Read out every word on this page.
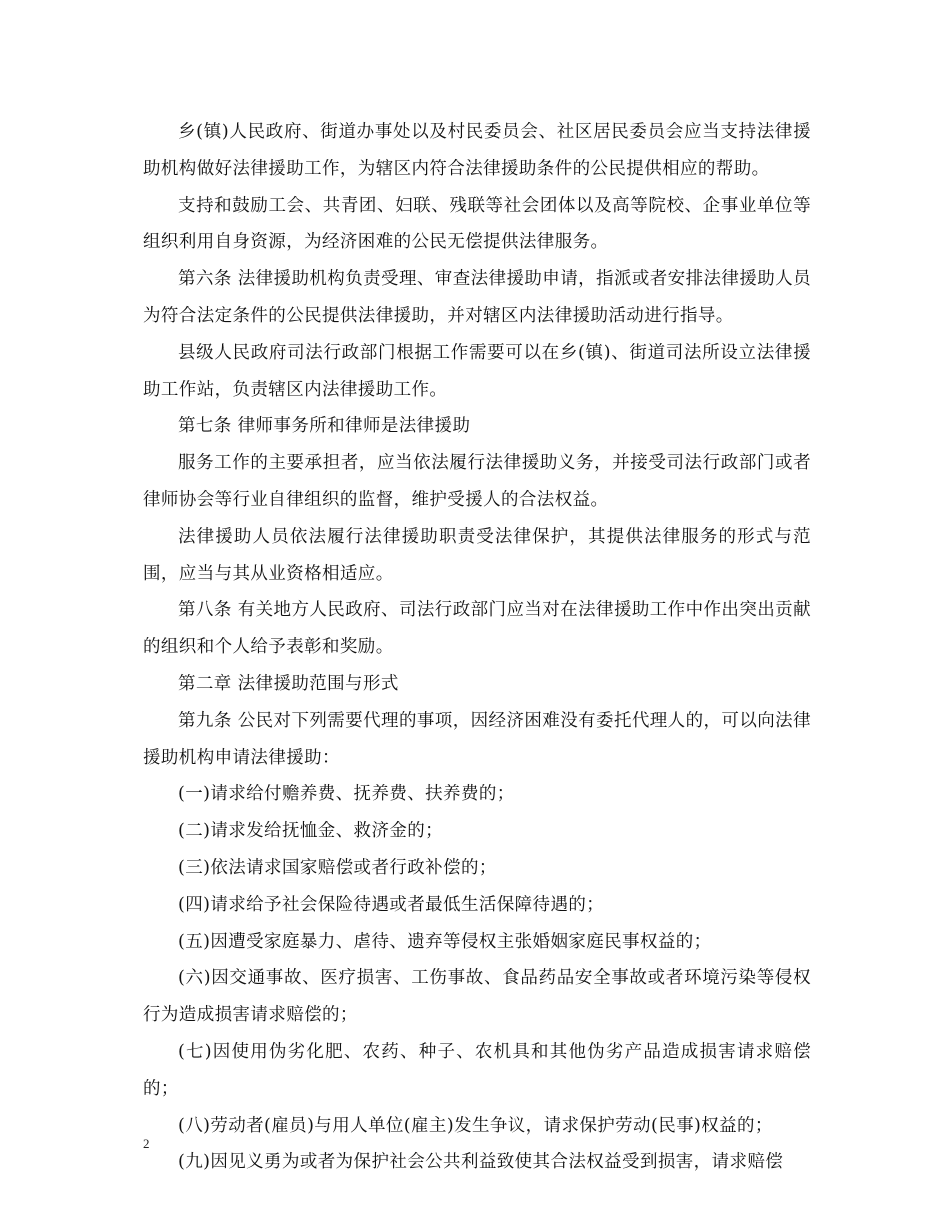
乡(镇)人民政府、街道办事处以及村民委员会、社区居民委员会应当支持法律援助机构做好法律援助工作，为辖区内符合法律援助条件的公民提供相应的帮助。

支持和鼓励工会、共青团、妇联、残联等社会团体以及高等院校、企事业单位等组织利用自身资源，为经济困难的公民无偿提供法律服务。

第六条 法律援助机构负责受理、审查法律援助申请，指派或者安排法律援助人员为符合法定条件的公民提供法律援助，并对辖区内法律援助活动进行指导。

县级人民政府司法行政部门根据工作需要可以在乡(镇)、街道司法所设立法律援助工作站，负责辖区内法律援助工作。

第七条 律师事务所和律师是法律援助

服务工作的主要承担者，应当依法履行法律援助义务，并接受司法行政部门或者律师协会等行业自律组织的监督，维护受援人的合法权益。

法律援助人员依法履行法律援助职责受法律保护，其提供法律服务的形式与范围，应当与其从业资格相适应。

第八条 有关地方人民政府、司法行政部门应当对在法律援助工作中作出突出贡献的组织和个人给予表彰和奖励。

第二章 法律援助范围与形式

第九条 公民对下列需要代理的事项，因经济困难没有委托代理人的，可以向法律援助机构申请法律援助：

(一)请求给付赡养费、抚养费、扶养费的；

(二)请求发给抚恤金、救济金的；

(三)依法请求国家赔偿或者行政补偿的；

(四)请求给予社会保险待遇或者最低生活保障待遇的；

(五)因遭受家庭暴力、虐待、遗弃等侵权主张婚姻家庭民事权益的；

(六)因交通事故、医疗损害、工伤事故、食品药品安全事故或者环境污染等侵权行为造成损害请求赔偿的；

(七)因使用伪劣化肥、农药、种子、农机具和其他伪劣产品造成损害请求赔偿的；

(八)劳动者(雇员)与用人单位(雇主)发生争议，请求保护劳动(民事)权益的；

(九)因见义勇为或者为保护社会公共利益致使其合法权益受到损害，请求赔偿

2
